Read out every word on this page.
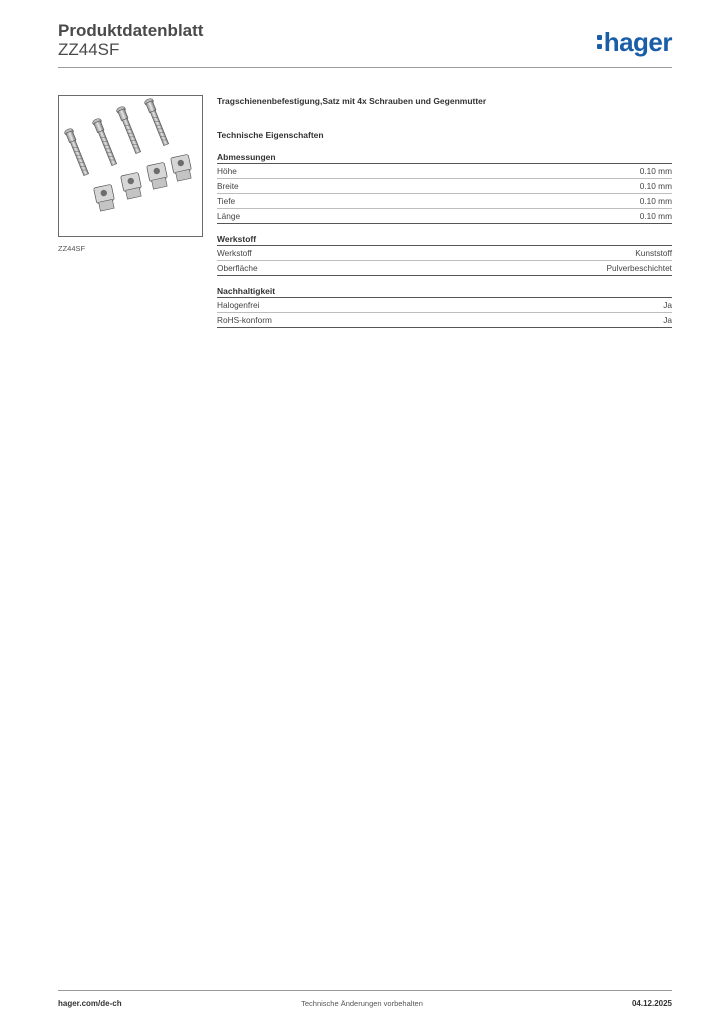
Produktdatenblatt
ZZ44SF	hager
ZZ44SF
Tragschienenbefestigung,Satz mit 4x Schrauben und Gegenmutter
Technische Eigenschaften
Abmessungen
Höhe	0.10 mm
Breite	0.10 mm
Tiefe	0.10 mm
Länge	0.10 mm
Werkstoff
Werkstoff	Kunststoff
Oberfläche	Pulverbeschichtet
Nachhaltigkeit
Halogenfrei	Ja
RoHS-konform	Ja
hager.com/de-ch	Technische Änderungen vorbehalten	04.12.2025
